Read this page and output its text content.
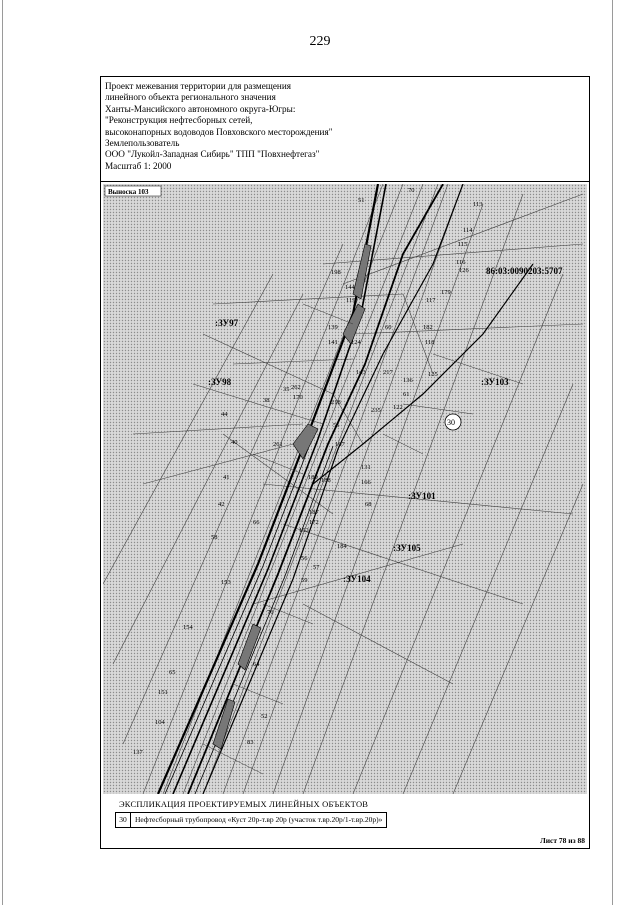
229
Проект межевания территории для размещения
линейного объекта регионального значения
Ханты-Мансийского автономного округа-Югры:
"Реконструкция нефтесборных сетей,
высоконапорных водоводов Повховского месторождения"
Землепользователь
ООО "Лукойл-Западная Сибирь" ТПП "Повхнефтегаз"
Масштаб 1: 2000
Выноска 103
86:03:0090203:5707
:ЗУ97
:ЗУ98	:ЗУ103
:ЗУ101
:ЗУ105
:ЗУ104
30
70
51
113
114
115
116
126
179
117
182
118
125
61
122
235
131
166
68
184
56
57
59
44
40
41
42
58
153
154
65
151
104
137
139
141 124
143	217
262
170
218
55
167
189 188
187
172
152
66
76
64
52
83
198
144
119
60
136
261
35
38
ЭКСПЛИКАЦИЯ ПРОЕКТИРУЕМЫХ ЛИНЕЙНЫХ ОБЪЕКТОВ
30	Нефтесборный трубопровод «Куст 20р-т.вр 20р (участок т.вр.20р/1-т.вр.20р)»
Лист 78 из 88
